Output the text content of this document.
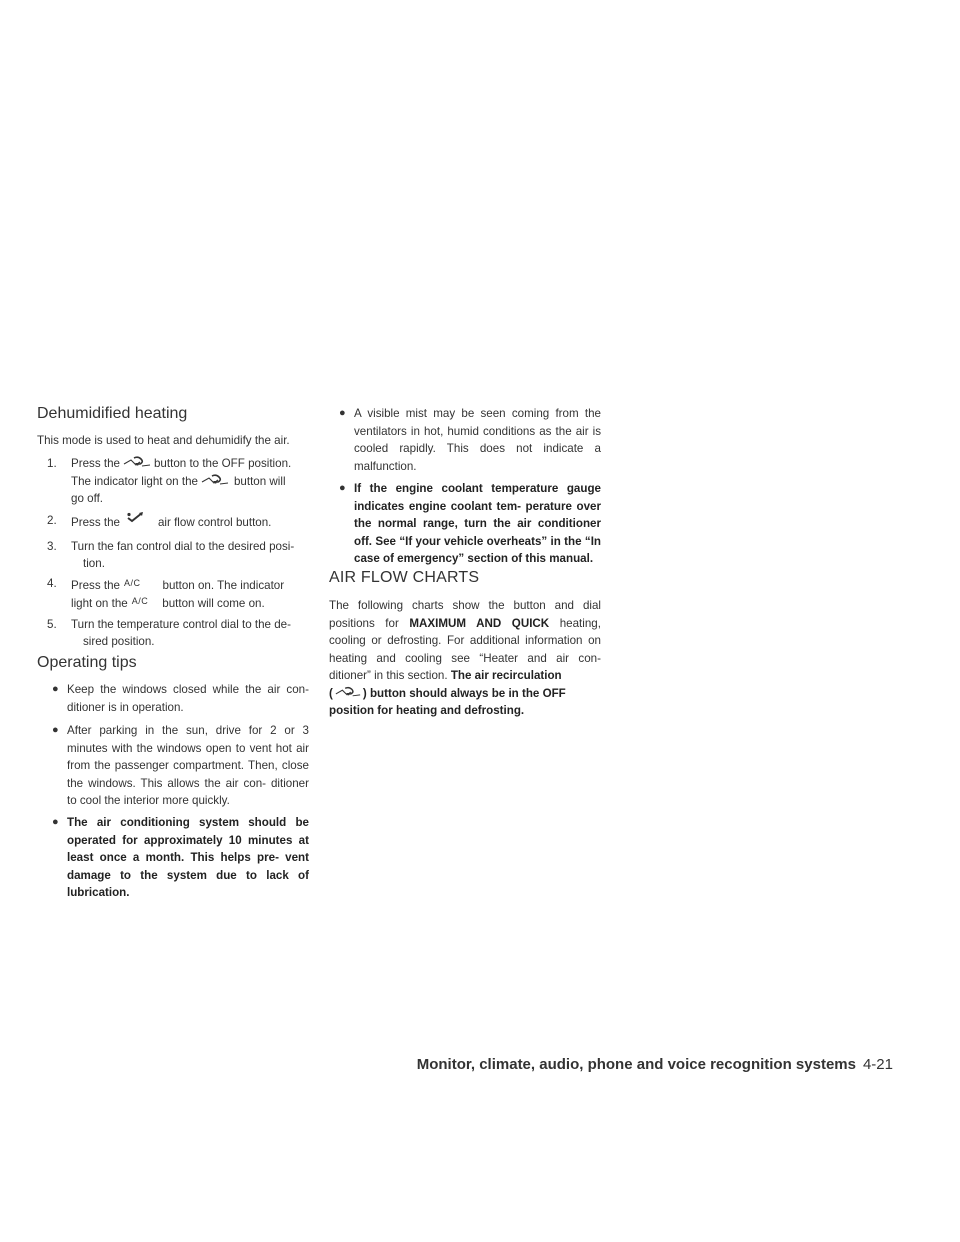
Dehumidified heating

This mode is used to heat and dehumidify the air.

1. Press the	button to the OFF position.
The indicator light on the	button will
go off.
2. Press the	air flow control button.
3. Turn the fan control dial to the desired posi-
tion.
4. Press the A/C button on. The indicator
light on the A/C button will come on.
5. Turn the temperature control dial to the de-
sired position.
Operating tips
● Keep the windows closed while the air con- ditioner is in operation.
● After parking in the sun, drive for 2 or 3 minutes with the windows open to vent hot air from the passenger compartment. Then, close the windows. This allows the air con- ditioner to cool the interior more quickly.
● The air conditioning system should be operated for approximately 10 minutes at least once a month. This helps pre- vent damage to the system due to lack of lubrication.
● A visible mist may be seen coming from the ventilators in hot, humid conditions as the air is cooled rapidly. This does not indicate a malfunction.
● If the engine coolant temperature gauge indicates engine coolant tem- perature over the normal range, turn the air conditioner off. See “If your vehicle overheats” in the “In case of emergency” section of this manual.
AIR FLOW CHARTS

The following charts show the button and dial positions for MAXIMUM AND QUICK heating, cooling or defrosting. For additional information on heating and cooling see “Heater and air con- ditioner” in this section. The air recirculation
(	) button should always be in the OFF
position for heating and defrosting.

Monitor, climate, audio, phone and voice recognition systems 4-21
